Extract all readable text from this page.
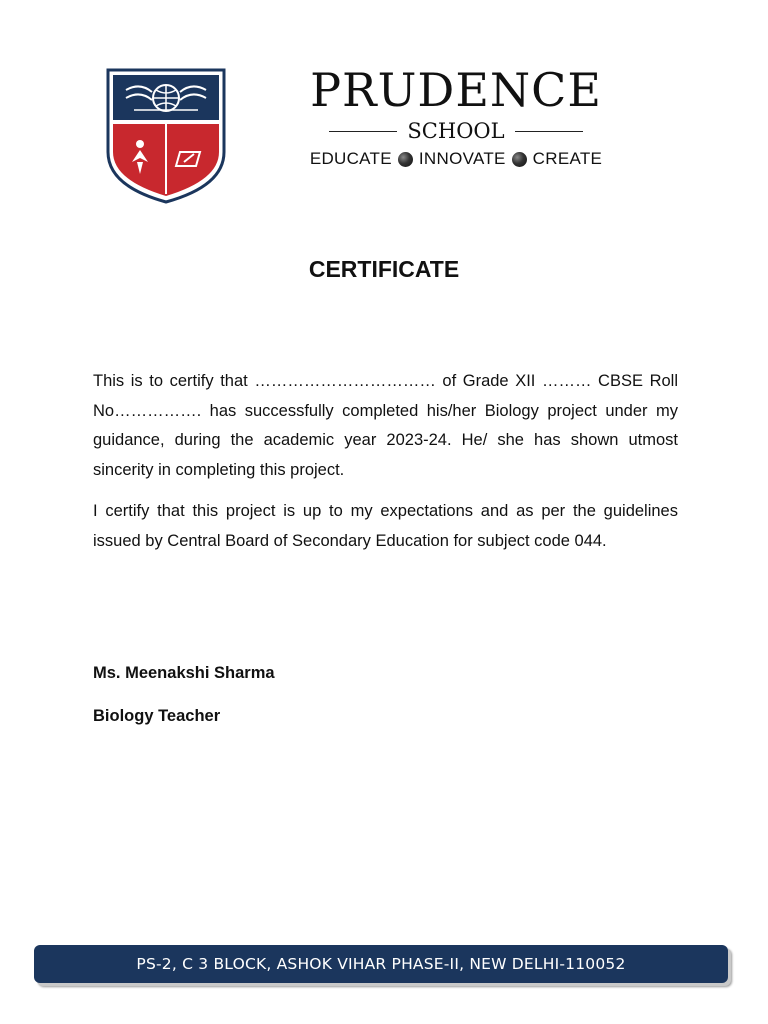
PRUDENCE
SCHOOL
EDUCATE INNOVATE CREATE
CERTIFICATE

This is to certify that …………………………… of Grade XII ……… CBSE Roll No……………. has successfully completed his/her Biology project under my guidance, during the academic year 2023-24. He/ she has shown utmost sincerity in completing this project.

I certify that this project is up to my expectations and as per the guidelines issued by Central Board of Secondary Education for subject code 044.

Ms. Meenakshi Sharma
Biology Teacher
PS-2, C 3 BLOCK, ASHOK VIHAR PHASE-II, NEW DELHI-110052
